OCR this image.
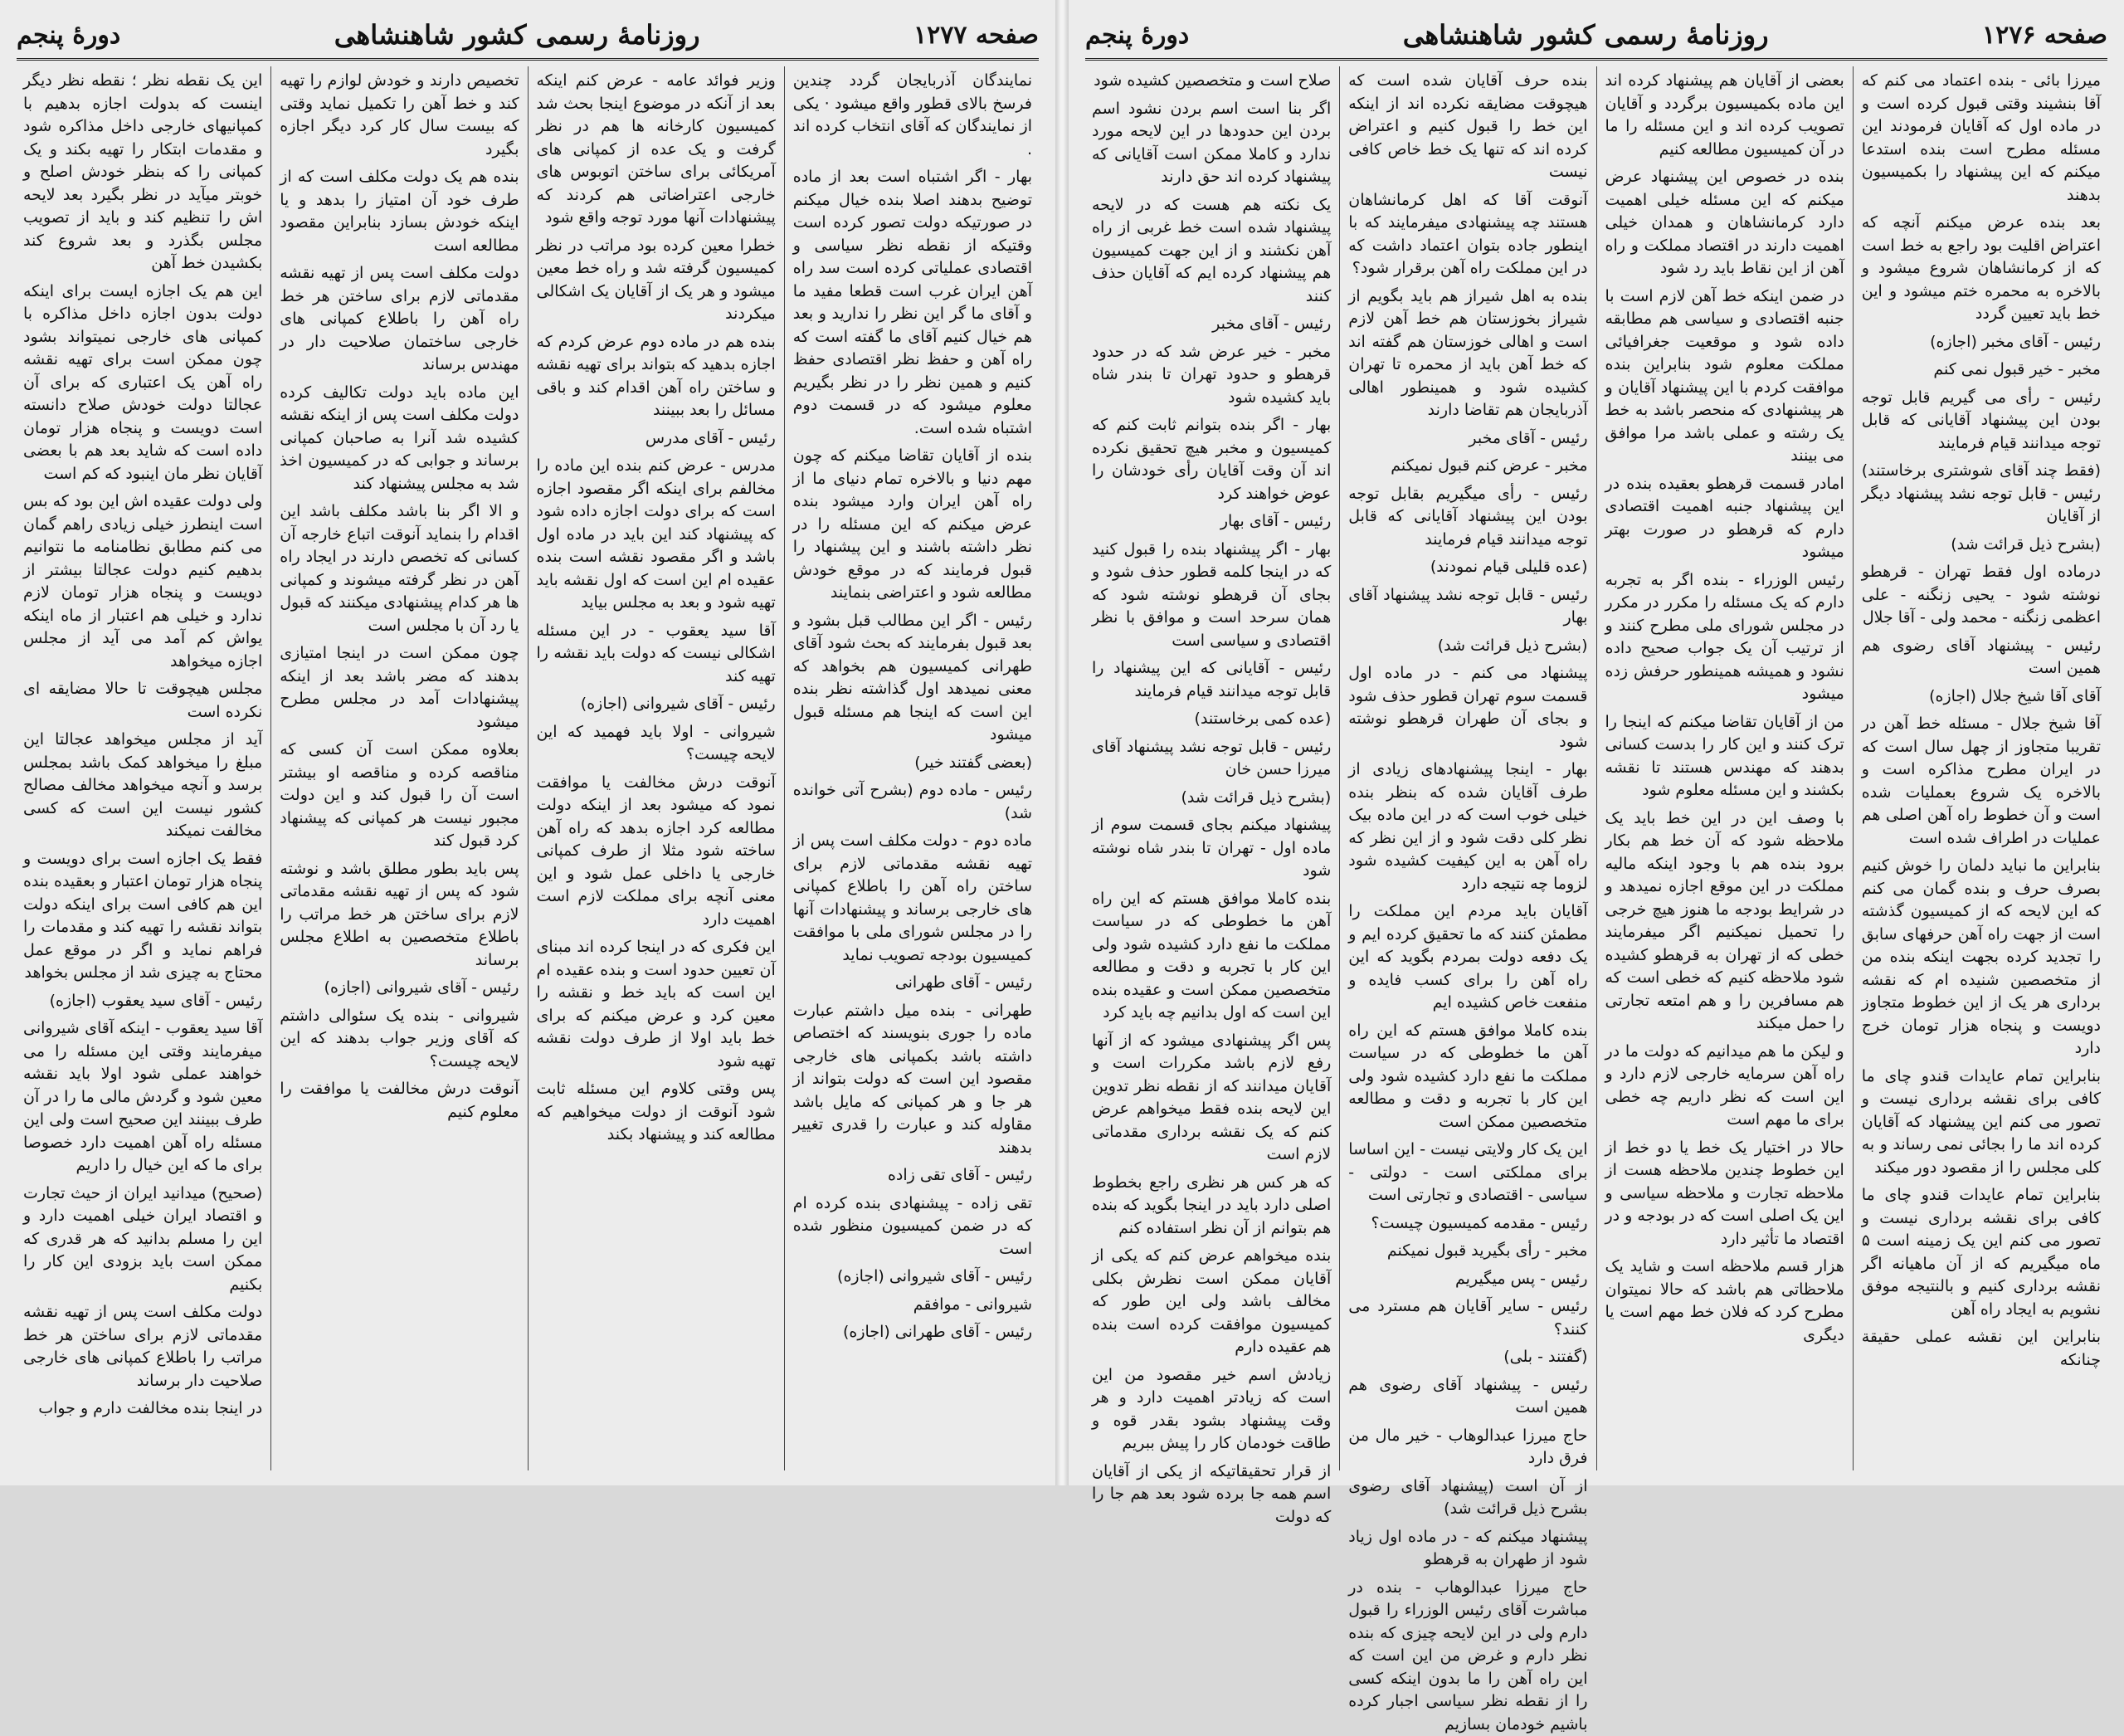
صفحه ۱۲۷۷
روزنامهٔ رسمی کشور شاهنشاهی
دورهٔ پنجم
نمایندگان آذربایجان گردد چندین فرسخ بالای قطور واقع میشود · یکی از نمایندگان که آقای انتخاب کرده اند .
بهار - اگر اشتباه است بعد از ماده توضیح بدهند اصلا بنده خیال میکنم در صورتیکه دولت تصور کرده است وقتیکه از نقطه نظر سیاسی و اقتصادی عملیاتی کرده است سد راه آهن ایران غرب است قطعا مفید ما و آقای ما گر این نظر را ندارید و بعد هم خیال کنیم آقای ما گفته است که راه آهن و حفظ نظر اقتصادی حفظ کنیم و همین نظر را در نظر بگیریم معلوم میشود که در قسمت دوم اشتباه شده است.
بنده از آقایان تقاضا میکنم که چون مهم دنیا و بالاخره تمام دنیای ما از راه آهن ایران وارد میشود بنده عرض میکنم که این مسئله را در نظر داشته باشند و این پیشنهاد را قبول فرمایند که در موقع خودش مطالعه شود و اعتراضی بنمایند
رئیس - اگر این مطالب قبل بشود و بعد قبول بفرمایند که بحث شود آقای طهرانی کمیسیون هم بخواهد که معنی نمیدهد اول گذاشته نظر بنده این است که اینجا هم مسئله قبول میشود
(بعضی گفتند خیر)
رئیس - ماده دوم (بشرح آتی خوانده شد)
ماده دوم - دولت مکلف است پس از تهیه نقشه مقدماتی لازم برای ساختن راه آهن را باطلاع کمپانی های خارجی برساند و پیشنهادات آنها را در مجلس شورای ملی با موافقت کمیسیون بودجه تصویب نماید
رئیس - آقای طهرانی
طهرانی - بنده میل داشتم عبارت ماده را جوری بنویسند که اختصاص داشته باشد بکمپانی های خارجی مقصود این است که دولت بتواند از هر جا و هر کمپانی که مایل باشد مقاوله کند و عبارت را قدری تغییر بدهند
رئیس - آقای تقی زاده
تقی زاده - پیشنهادی بنده کرده ام که در ضمن کمیسیون منظور شده است
رئیس - آقای شیروانی (اجازه)
شیروانی - موافقم
رئیس - آقای طهرانی (اجازه)
وزیر فوائد عامه - عرض کنم اینکه بعد از آنکه در موضوع اینجا بحث شد کمیسیون کارخانه ها هم در نظر گرفت و یک عده از کمپانی های آمریکائی برای ساختن اتوبوس های خارجی اعتراضاتی هم کردند که پیشنهادات آنها مورد توجه واقع شود
خطرا معین کرده بود مراتب در نظر کمیسیون گرفته شد و راه خط معین میشود و هر یک از آقایان یک اشکالی میکردند
بنده هم در ماده دوم عرض کردم که اجازه بدهید که بتواند برای تهیه نقشه و ساختن راه آهن اقدام کند و باقی مسائل را بعد ببینند
رئیس - آقای مدرس
مدرس - عرض کنم بنده این ماده را مخالفم برای اینکه اگر مقصود اجازه است که برای دولت اجازه داده شود که پیشنهاد کند این باید در ماده اول باشد و اگر مقصود نقشه است بنده عقیده ام این است که اول نقشه باید تهیه شود و بعد به مجلس بیاید
آقا سید یعقوب - در این مسئله اشکالی نیست که دولت باید نقشه را تهیه کند
رئیس - آقای شیروانی (اجازه)
شیروانی - اولا باید فهمید که این لایحه چیست؟
آنوقت درش مخالفت یا موافقت نمود که میشود بعد از اینکه دولت مطالعه کرد اجازه بدهد که راه آهن ساخته شود مثلا از طرف کمپانی خارجی یا داخلی عمل شود و این معنی آنچه برای مملکت لازم است اهمیت دارد
این فکری که در اینجا کرده اند مبنای آن تعیین حدود است و بنده عقیده ام این است که باید خط و نقشه را معین کرد و عرض میکنم که برای خط باید اولا از طرف دولت نقشه تهیه شود
پس وقتی کلاوم این مسئله ثابت شود آنوقت از دولت میخواهیم که مطالعه کند و پیشنهاد بکند
تخصیص دارند و خودش لوازم را تهیه کند و خط آهن را تکمیل نماید وقتی که بیست سال کار کرد دیگر اجازه بگیرد
بنده هم یک دولت مکلف است که از طرف خود آن امتیاز را بدهد و یا اینکه خودش بسازد بنابراین مقصود مطالعه است
دولت مکلف است پس از تهیه نقشه مقدماتی لازم برای ساختن هر خط راه آهن را باطلاع کمپانی های خارجی ساختمان صلاحیت دار در مهندس برساند
این ماده باید دولت تکالیف کرده دولت مکلف است پس از اینکه نقشه کشیده شد آنرا به صاحبان کمپانی برساند و جوابی که در کمیسیون اخذ شد به مجلس پیشنهاد کند
و الا اگر بنا باشد مکلف باشد این اقدام را بنماید آنوقت اتباع خارجه آن کسانی که تخصص دارند در ایجاد راه آهن در نظر گرفته میشوند و کمپانی ها هر کدام پیشنهادی میکنند که قبول یا رد آن با مجلس است
چون ممکن است در اینجا امتیازی بدهند که مضر باشد بعد از اینکه پیشنهادات آمد در مجلس مطرح میشود
بعلاوه ممکن است آن کسی که مناقصه کرده و مناقصه او بیشتر است آن را قبول کند و این دولت مجبور نیست هر کمپانی که پیشنهاد کرد قبول کند
پس باید بطور مطلق باشد و نوشته شود که پس از تهیه نقشه مقدماتی لازم برای ساختن هر خط مراتب را باطلاع متخصصین به اطلاع مجلس برساند
رئیس - آقای شیروانی (اجازه)
شیروانی - بنده یک سئوالی داشتم که آقای وزیر جواب بدهند که این لایحه چیست؟
آنوقت درش مخالفت یا موافقت را معلوم کنیم
این یک نقطه نظر ؛ نقطه نظر دیگر اینست که بدولت اجازه بدهیم با کمپانیهای خارجی داخل مذاکره شود و مقدمات ابتکار را تهیه بکند و یک کمپانی را که بنظر خودش اصلح و خوبتر میآید در نظر بگیرد بعد لایحه اش را تنظیم کند و باید از تصویب مجلس بگذرد و بعد شروع کند بکشیدن خط آهن
این هم یک اجازه ایست برای اینکه دولت بدون اجازه داخل مذاکره با کمپانی های خارجی نمیتواند بشود چون ممکن است برای تهیه نقشه راه آهن یک اعتباری که برای آن عجالتا دولت خودش صلاح دانسته است دویست و پنجاه هزار تومان داده است که شاید بعد هم با بعضی آقایان نظر مان اینبود که کم است
ولی دولت عقیده اش این بود که بس است اینطرز خیلی زیادی راهم گمان می کنم مطابق نظامنامه ما نتوانیم بدهیم کنیم دولت عجالتا بیشتر از دویست و پنجاه هزار تومان لازم ندارد و خیلی هم اعتبار از ماه اینکه یواش کم آمد می آید از مجلس اجازه میخواهد
مجلس هیچوقت تا حالا مضایقه ای نکرده است
آید از مجلس میخواهد عجالتا این مبلغ را میخواهد کمک باشد بمجلس برسد و آنچه میخواهد مخالف مصالح کشور نیست این است که کسی مخالفت نمیکند
فقط یک اجازه است برای دویست و پنجاه هزار تومان اعتبار و بعقیده بنده این هم کافی است برای اینکه دولت بتواند نقشه را تهیه کند و مقدمات را فراهم نماید و اگر در موقع عمل محتاج به چیزی شد از مجلس بخواهد
رئیس - آقای سید یعقوب (اجازه)
آقا سید یعقوب - اینکه آقای شیروانی میفرمایند وقتی این مسئله را می خواهند عملی شود اولا باید نقشه معین شود و گردش مالی ما را در آن طرف ببینند این صحیح است ولی این مسئله راه آهن اهمیت دارد خصوصا برای ما که این خیال را داریم
(صحیح) میدانید ایران از حیث تجارت و اقتصاد ایران خیلی اهمیت دارد و این را مسلم بدانید که هر قدری که ممکن است باید بزودی این کار را بکنیم
دولت مکلف است پس از تهیه نقشه مقدماتی لازم برای ساختن هر خط مراتب را باطلاع کمپانی های خارجی صلاحیت دار برساند
در اینجا بنده مخالفت دارم و جواب
صفحه ۱۲۷۶
روزنامهٔ رسمی کشور شاهنشاهی
دورهٔ پنجم
میرزا بائی - بنده اعتماد می کنم که آقا بنشیند وقتی قبول کرده است و در ماده اول که آقایان فرمودند این مسئله مطرح است بنده استدعا میکنم که این پیشنهاد را بکمیسیون بدهند
بعد بنده عرض میکنم آنچه که اعتراض اقلیت بود راجع به خط است که از کرمانشاهان شروع میشود و بالاخره به محمره ختم میشود و این خط باید تعیین گردد
رئیس - آقای مخبر (اجازه)
مخبر - خیر قبول نمی کنم
رئیس - رأی می گیریم قابل توجه بودن این پیشنهاد آقایانی که قابل توجه میدانند قیام فرمایند
(فقط چند آقای شوشتری برخاستند) رئیس - قابل توجه نشد پیشنهاد دیگر از آقایان
(بشرح ذیل قرائت شد)
درماده اول فقط تهران - قرهطو نوشته شود - یحیی زنگنه - علی اعظمی زنگنه - محمد ولی - آقا جلال
رئیس - پیشنهاد آقای رضوی هم همین است
آقای آقا شیخ جلال (اجازه)
آقا شیخ جلال - مسئله خط آهن در تقریبا متجاوز از چهل سال است که در ایران مطرح مذاکره است و بالاخره یک شروع بعملیات شده است و آن خطوط راه آهن اصلی هم عملیات در اطراف شده است
بنابراین ما نباید دلمان را خوش کنیم بصرف حرف و بنده گمان می کنم که این لایحه که از کمیسیون گذشته است از جهت راه آهن حرفهای سابق را تجدید کرده بجهت اینکه بنده من از متخصصین شنیده ام که نقشه برداری هر یک از این خطوط متجاوز دویست و پنجاه هزار تومان خرج دارد
بنابراین تمام عایدات قندو چای ما کافی برای نقشه برداری نیست و تصور می کنم این پیشنهاد که آقایان کرده اند ما را بجائی نمی رساند و به کلی مجلس را از مقصود دور میکند
بنابراین تمام عایدات قندو چای ما کافی برای نقشه برداری نیست و تصور می کنم این یک زمینه است ۵ ماه میگیریم که از آن ماهیانه اگر نقشه برداری کنیم و بالنتیجه موفق نشویم به ایجاد راه آهن
بنابراین این نقشه عملی حقیقة چنانکه
بعضی از آقایان هم پیشنهاد کرده اند این ماده بکمیسیون برگردد و آقایان تصویب کرده اند و این مسئله را ما در آن کمیسیون مطالعه کنیم
بنده در خصوص این پیشنهاد عرض میکنم که این مسئله خیلی اهمیت دارد کرمانشاهان و همدان خیلی اهمیت دارند در اقتصاد مملکت و راه آهن از این نقاط باید رد شود
در ضمن اینکه خط آهن لازم است با جنبه اقتصادی و سیاسی هم مطابقه داده شود و موقعیت جغرافیائی مملکت معلوم شود بنابراین بنده موافقت کردم با این پیشنهاد آقایان و هر پیشنهادی که منحصر باشد به خط یک رشته و عملی باشد مرا موافق می بینند
امادر قسمت قرهطو بعقیده بنده در این پیشنهاد جنبه اهمیت اقتصادی دارم که قرهطو در صورت بهتر میشود
رئیس الوزراء - بنده اگر به تجربه دارم که یک مسئله را مکرر در مکرر در مجلس شورای ملی مطرح کنند و از ترتیب آن یک جواب صحیح داده نشود و همیشه همینطور حرفش زده میشود
من از آقایان تقاضا میکنم که اینجا را ترک کنند و این کار را بدست کسانی بدهند که مهندس هستند تا نقشه بکشند و این مسئله معلوم شود
با وصف این در این خط باید یک ملاحظه شود که آن خط هم بکار برود بنده هم با وجود اینکه مالیه مملکت در این موقع اجازه نمیدهد و در شرایط بودجه ما هنوز هیچ خرجی را تحمیل نمیکنیم اگر میفرمایند خطی که از تهران به قرهطو کشیده شود ملاحظه کنیم که خطی است که هم مسافرین را و هم امتعه تجارتی را حمل میکند
و لیکن ما هم میدانیم که دولت ما در راه آهن سرمایه خارجی لازم دارد و این است که نظر داریم چه خطی برای ما مهم است
حالا در اختیار یک خط یا دو خط از این خطوط چندین ملاحظه هست از ملاحظه تجارت و ملاحظه سیاسی و این یک اصلی است که در بودجه و در اقتصاد ما تأثیر دارد
هزار قسم ملاحظه است و شاید یک ملاحظاتی هم باشد که حالا نمیتوان مطرح کرد که فلان خط مهم است یا دیگری
بنده حرف آقایان شده است که هیچوقت مضایقه نکرده اند از اینکه این خط را قبول کنیم و اعتراض کرده اند که تنها یک خط خاص کافی نیست
آنوقت آقا که اهل کرمانشاهان هستند چه پیشنهادی میفرمایند که با اینطور جاده بتوان اعتماد داشت که در این مملکت راه آهن برقرار شود؟
بنده به اهل شیراز هم باید بگویم از شیراز بخوزستان هم خط آهن لازم است و اهالی خوزستان هم گفته اند که خط آهن باید از محمره تا تهران کشیده شود و همینطور اهالی آذربایجان هم تقاضا دارند
رئیس - آقای مخبر
مخبر - عرض کنم قبول نمیکنم
رئیس - رأی میگیریم بقابل توجه بودن این پیشنهاد آقایانی که قابل توجه میدانند قیام فرمایند
(عده قلیلی قیام نمودند)
رئیس - قابل توجه نشد پیشنهاد آقای بهار
(بشرح ذیل قرائت شد)
پیشنهاد می کنم - در ماده اول قسمت سوم تهران قطور حذف شود و بجای آن طهران قرهطو نوشته شود
بهار - اینجا پیشنهادهای زیادی از طرف آقایان شده که بنظر بنده خیلی خوب است که در این ماده بیک نظر کلی دقت شود و از این نظر که راه آهن به این کیفیت کشیده شود لزوما چه نتیجه دارد
آقایان باید مردم این مملکت را مطمئن کنند که ما تحقیق کرده ایم و یک دفعه دولت بمردم بگوید که این راه آهن را برای کسب فایده و منفعت خاص کشیده ایم
بنده کاملا موافق هستم که این راه آهن ما خطوطی که در سیاست مملکت ما نفع دارد کشیده شود ولی این کار با تجربه و دقت و مطالعه متخصصین ممکن است
این یک کار ولایتی نیست - این اساسا برای مملکتی است - دولتی - سیاسی - اقتصادی و تجارتی است
رئیس - مقدمه کمیسیون چیست؟
مخبر - رأی بگیرید قبول نمیکنم
رئیس - پس میگیریم
رئیس - سایر آقایان هم مسترد می کنند؟
(گفتند - بلی)
رئیس - پیشنهاد آقای رضوی هم همین است
حاج میرزا عبدالوهاب - خیر مال من فرق دارد
از آن است (پیشنهاد آقای رضوی بشرح ذیل قرائت شد)
پیشنهاد میکنم که - در ماده اول زیاد شود از طهران به قرهطو
حاج میرزا عبدالوهاب - بنده در مباشرت آقای رئیس الوزراء را قبول دارم ولی در این لایحه چیزی که بنده نظر دارم و غرض من این است که این راه آهن را ما بدون اینکه کسی را از نقطه نظر سیاسی اجبار کرده باشیم خودمان بسازیم
صلاح است و متخصصین کشیده شود
اگر بنا است اسم بردن نشود اسم بردن این حدودها در این لایحه مورد ندارد و کاملا ممکن است آقایانی که پیشنهاد کرده اند حق دارند
یک نکته هم هست که در لایحه پیشنهاد شده است خط غربی از راه آهن نکشند و از این جهت کمیسیون هم پیشنهاد کرده ایم که آقایان حذف کنند
رئیس - آقای مخبر
مخبر - خیر عرض شد که در حدود قرهطو و حدود تهران تا بندر شاه باید کشیده شود
بهار - اگر بنده بتوانم ثابت کنم که کمیسیون و مخبر هیچ تحقیق نکرده اند آن وقت آقایان رأی خودشان را عوض خواهند کرد
رئیس - آقای بهار
بهار - اگر پیشنهاد بنده را قبول کنید که در اینجا کلمه قطور حذف شود و بجای آن قرهطو نوشته شود که همان سرحد است و موافق با نظر اقتصادی و سیاسی است
رئیس - آقایانی که این پیشنهاد را قابل توجه میدانند قیام فرمایند
(عده کمی برخاستند)
رئیس - قابل توجه نشد پیشنهاد آقای میرزا حسن خان
(بشرح ذیل قرائت شد)
پیشنهاد میکنم بجای قسمت سوم از ماده اول - تهران تا بندر شاه نوشته شود
بنده کاملا موافق هستم که این راه آهن ما خطوطی که در سیاست مملکت ما نفع دارد کشیده شود ولی این کار با تجربه و دقت و مطالعه متخصصین ممکن است و عقیده بنده این است که اول بدانیم چه باید کرد
پس اگر پیشنهادی میشود که از آنها رفع لازم باشد مکررات است و آقایان میدانند که از نقطه نظر تدوین این لایحه بنده فقط میخواهم عرض کنم که یک نقشه برداری مقدماتی لازم است
که هر کس هر نظری راجع بخطوط اصلی دارد باید در اینجا بگوید که بنده هم بتوانم از آن نظر استفاده کنم
بنده میخواهم عرض کنم که یکی از آقایان ممکن است نظرش بکلی مخالف باشد ولی این طور که کمیسیون موافقت کرده است بنده هم عقیده دارم
زیادش اسم خیر مقصود من این است که زیادتر اهمیت دارد و هر وقت پیشنهاد بشود بقدر قوه و طاقت خودمان کار را پیش ببریم
از قرار تحقیقاتیکه از یکی از آقایان اسم همه جا برده شود بعد هم جا را که دولت
